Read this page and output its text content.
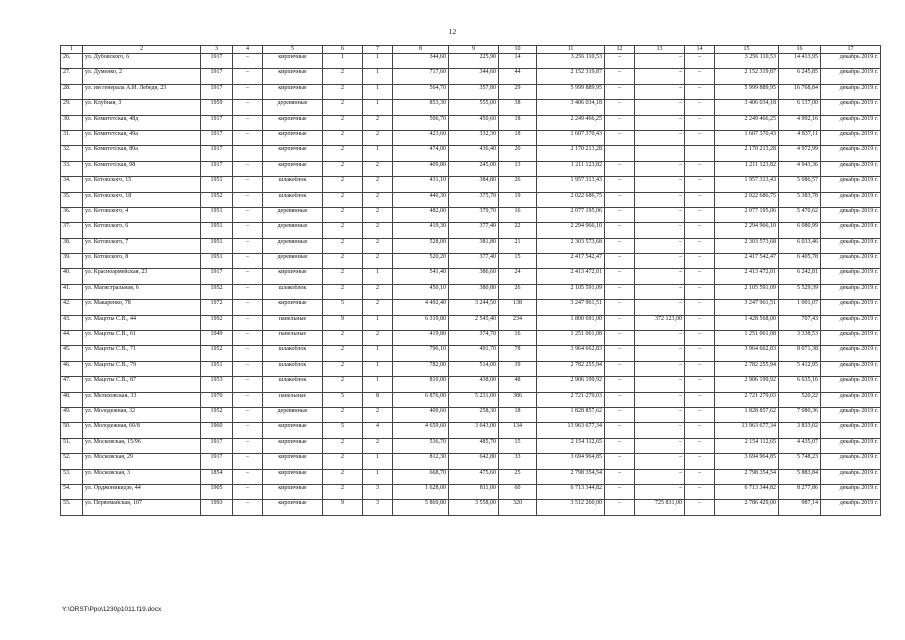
12
1	2	3	4	5	6	7	8	9	10	11	12	13	14	15	16	17
26.	ул. Дубовского, 6	1917	–	кирпичные	1	1	344,60	225,90	14	3 256 110,53	–	–	–	3 256 110,53	14 413,95	декабрь 2019 г.
27.	ул. Думенко, 2	1917	–	кирпичные	2	1	717,60	344,60	44	2 152 319,87	–	–	–	2 152 319,87	6 245,85	декабрь 2019 г.
28.	ул. им генерала А.И. Лебедя, 23	1917	–	кирпичные	2	1	564,70	357,80	29	5 999 889,95	–	–	–	5 999 889,95	16 768,84	декабрь 2019 г.
29.	ул. Клубная, 3	1959	–	деревянные	2	1	853,30	555,00	38	3 406 034,18	–	–	–	3 406 034,18	6 137,00	декабрь 2019 г.
30.	ул. Комитетская, 48д	1917	–	кирпичные	2	2	506,70	450,60	18	2 249 466,25	–	–	–	2 249 466,25	4 992,16	декабрь 2019 г.
31.	ул. Комитетская, 49а	1917	–	кирпичные	2	2	423,60	332,30	18	1 607 370,43	–	–	–	1 607 370,43	4 837,11	декабрь 2019 г.
32.	ул. Комитетская, 80а	1917		кирпичные	2	1	474,00	436,40	20	2 170 213,28				2 170 213,28	4 972,99	декабрь 2019 г.
33.	ул. Комитетская, 98	1917	–	кирпичные	2	2	409,80	245,00	13	1 211 123,82	–	–	–	1 211 123,82	4 943,36	декабрь 2019 г.
34.	ул. Котовского, 15	1951	–	шлакоблок	2	2	431,10	384,80	26	1 957 313,43	–	–	–	1 957 313,43	5 086,57	декабрь 2019 г.
35.	ул. Котовского, 18	1952	–	шлакоблок	2	2	440,30	375,70	19	2 022 686,75	–	–	–	2 022 686,75	5 383,78	декабрь 2019 г.
36.	ул. Котовского, 4	1951	–	деревянные	2	2	482,00	379,70	16	2 077 195,06	–	–	–	2 077 195,06	5 470,62	декабрь 2019 г.
37.	ул. Котовского, 6	1951	–	деревянные	2	2	419,30	377,40	22	2 294 966,10	–	–	–	2 294 966,10	6 080,99	декабрь 2019 г.
38.	ул. Котовского, 7	1951	–	деревянные	2	2	528,00	381,80	21	2 303 573,68	–	–	–	2 303 573,68	6 033,46	декабрь 2019 г.
39.	ул. Котовского, 8	1951	–	деревянные	2	2	520,20	377,40	15	2 417 542,47	–	–	–	2 417 542,47	6 405,78	декабрь 2019 г.
40.	ул. Красноармейская, 23	1917	–	кирпичные	2	1	541,40	386,60	24	2 413 472,01	–	–	–	2 413 472,01	6 242,81	декабрь 2019 г.
41.	ул. Магистральная, 6	1952	–	шлакоблок	2	2	450,10	380,80	26	2 105 591,09	–	–	–	2 105 591,09	5 529,39	декабрь 2019 г.
42.	ул. Макаренко, 78	1972	–	кирпичные	5	2	4 492,40	3 244,50	138	3 247 961,51	–	–	–	3 247 961,51	1 001,07	декабрь 2019 г.
43.	ул. Мацоты С.В., 44	1992	–	панельные	9	1	6 319,80	2 545,40	234	1 800 691,00	–	372 123,00	–	1 428 568,00	707,43	декабрь 2019 г.
44.	ул. Мацоты С.В., 61	1949	–	панельные	2	2	419,80	374,70	16	1 251 061,08	–	–	–	1 251 061,08	3 338,53	декабрь 2019 г.
45.	ул. Мацоты С.В., 71	1952	–	шлакоблок	2	1	796,10	491,70	78	3 964 662,83	–	–	–	3 964 662,83	8 071,38	декабрь 2019 г.
46.	ул. Мацоты С.В., 79	1951	–	шлакоблок	2	1	782,00	514,00	39	2 782 255,94	–	–	–	2 782 255,94	5 412,95	декабрь 2019 г.
47.	ул. Мацоты С.В., 87	1953	–	шлакоблок	2	1	810,00	438,00	48	2 906 199,92	–	–	–	2 906 199,92	6 635,16	декабрь 2019 г.
48.	ул. Мелиховская, 33	1970	–	панельные	5	8	6 876,00	5 231,00	386	2 721 279,03	–	–	–	2 721 279,03	520,22	декабрь 2019 г.
49.	ул. Молодежная, 32	1952	–	деревянные	2	2	409,60	258,30	18	1 828 857,62	–	–	–	1 828 857,62	7 080,36	декабрь 2019 г.
50.	ул. Молодежная, 60/8	1960	–	кирпичные	5	4	4 659,60	3 643,00	134	13 963 677,34	–	–	–	13 963 677,34	3 833,02	декабрь 2019 г.
51.	ул. Московская, 15/96	1917	–	кирпичные	2	2	536,70	485,70	15	2 154 112,65	–	–	–	2 154 112,65	4 435,07	декабрь 2019 г.
52.	ул. Московская, 29	1917	–	кирпичные	2	1	812,30	642,80	33	3 694 964,85	–	–	–	3 694 964,85	5 748,23	декабрь 2019 г.
53.	ул. Московская, 3	1854	–	кирпичные	2	1	668,70	475,60	25	2 798 354,54	–	–	–	2 798 354,54	5 883,84	декабрь 2019 г.
54.	ул. Орджоникидзе, 44	1905	–	кирпичные	2	3	1 628,00	811,00	60	6 713 344,82	–	–	–	6 713 344,82	8 277,86	декабрь 2019 г.
55.	ул. Первомайская, 107	1993	–	кирпичные	9	3	5 869,80	3 558,00	320	3 512 260,00	–	725 831,00	–	2 786 429,00	987,14	декабрь 2019 г.
Y:\ORST\Ppo\1230p1011.f19.docx
